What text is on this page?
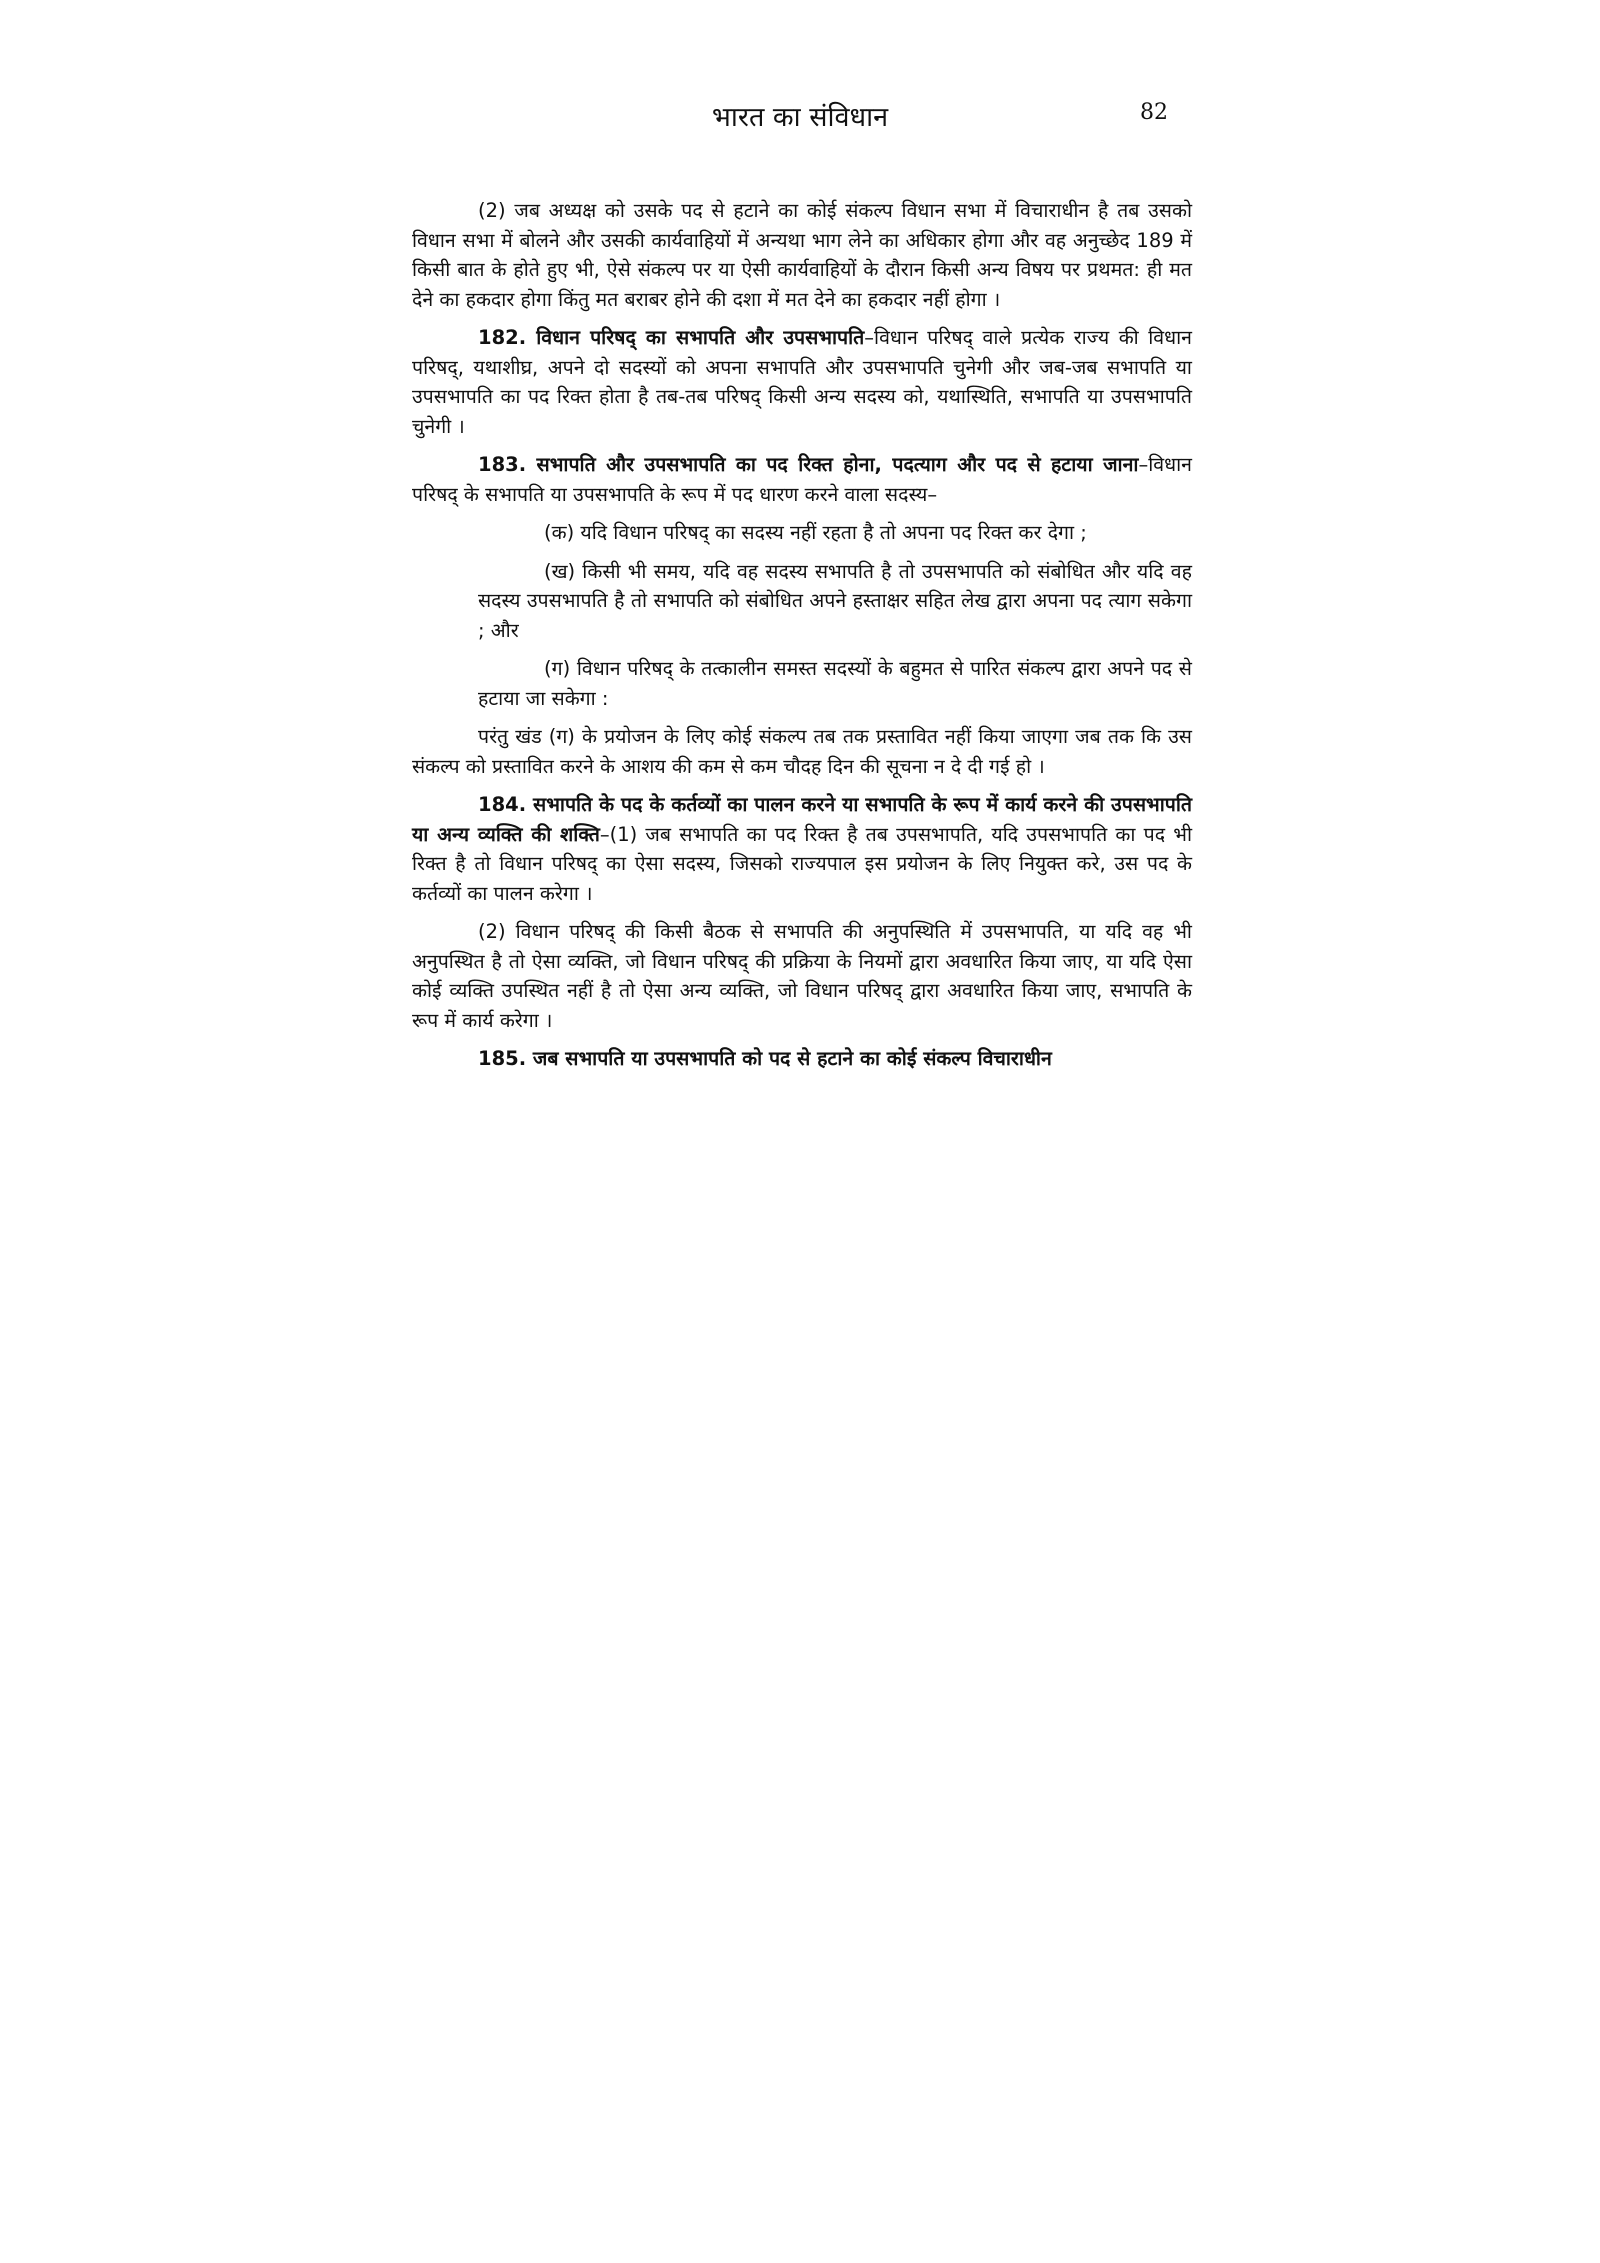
भारत का संविधान	82

(2) जब अध्यक्ष को उसके पद से हटाने का कोई संकल्प विधान सभा में विचाराधीन है तब उसको विधान सभा में बोलने और उसकी कार्यवाहियों में अन्यथा भाग लेने का अधिकार होगा और वह अनुच्छेद 189 में किसी बात के होते हुए भी, ऐसे संकल्प पर या ऐसी कार्यवाहियों के दौरान किसी अन्य विषय पर प्रथमत: ही मत देने का हकदार होगा किंतु मत बराबर होने की दशा में मत देने का हकदार नहीं होगा ।

182. विधान परिषद् का सभापति और उपसभापति–विधान परिषद् वाले प्रत्येक राज्य की विधान परिषद्, यथाशीघ्र, अपने दो सदस्यों को अपना सभापति और उपसभापति चुनेगी और जब-जब सभापति या उपसभापति का पद रिक्त होता है तब-तब परिषद् किसी अन्य सदस्य को, यथास्थिति, सभापति या उपसभापति चुनेगी ।

183. सभापति और उपसभापति का पद रिक्त होना, पदत्याग और पद से हटाया जाना–विधान परिषद् के सभापति या उपसभापति के रूप में पद धारण करने वाला सदस्य–

(क) यदि विधान परिषद् का सदस्य नहीं रहता है तो अपना पद रिक्त कर देगा ;

(ख) किसी भी समय, यदि वह सदस्य सभापति है तो उपसभापति को संबोधित और यदि वह सदस्य उपसभापति है तो सभापति को संबोधित अपने हस्ताक्षर सहित लेख द्वारा अपना पद त्याग सकेगा ; और

(ग) विधान परिषद् के तत्कालीन समस्त सदस्यों के बहुमत से पारित संकल्प द्वारा अपने पद से हटाया जा सकेगा :

परंतु खंड (ग) के प्रयोजन के लिए कोई संकल्प तब तक प्रस्तावित नहीं किया जाएगा जब तक कि उस संकल्प को प्रस्तावित करने के आशय की कम से कम चौदह दिन की सूचना न दे दी गई हो ।

184. सभापति के पद के कर्तव्यों का पालन करने या सभापति के रूप में कार्य करने की उपसभापति या अन्य व्यक्ति की शक्ति–(1) जब सभापति का पद रिक्त है तब उपसभापति, यदि उपसभापति का पद भी रिक्त है तो विधान परिषद् का ऐसा सदस्य, जिसको राज्यपाल इस प्रयोजन के लिए नियुक्त करे, उस पद के कर्तव्यों का पालन करेगा ।

(2) विधान परिषद् की किसी बैठक से सभापति की अनुपस्थिति में उपसभापति, या यदि वह भी अनुपस्थित है तो ऐसा व्यक्ति, जो विधान परिषद् की प्रक्रिया के नियमों द्वारा अवधारित किया जाए, या यदि ऐसा कोई व्यक्ति उपस्थित नहीं है तो ऐसा अन्य व्यक्ति, जो विधान परिषद् द्वारा अवधारित किया जाए, सभापति के रूप में कार्य करेगा ।

185. जब सभापति या उपसभापति को पद से हटाने का कोई संकल्प विचाराधीन
